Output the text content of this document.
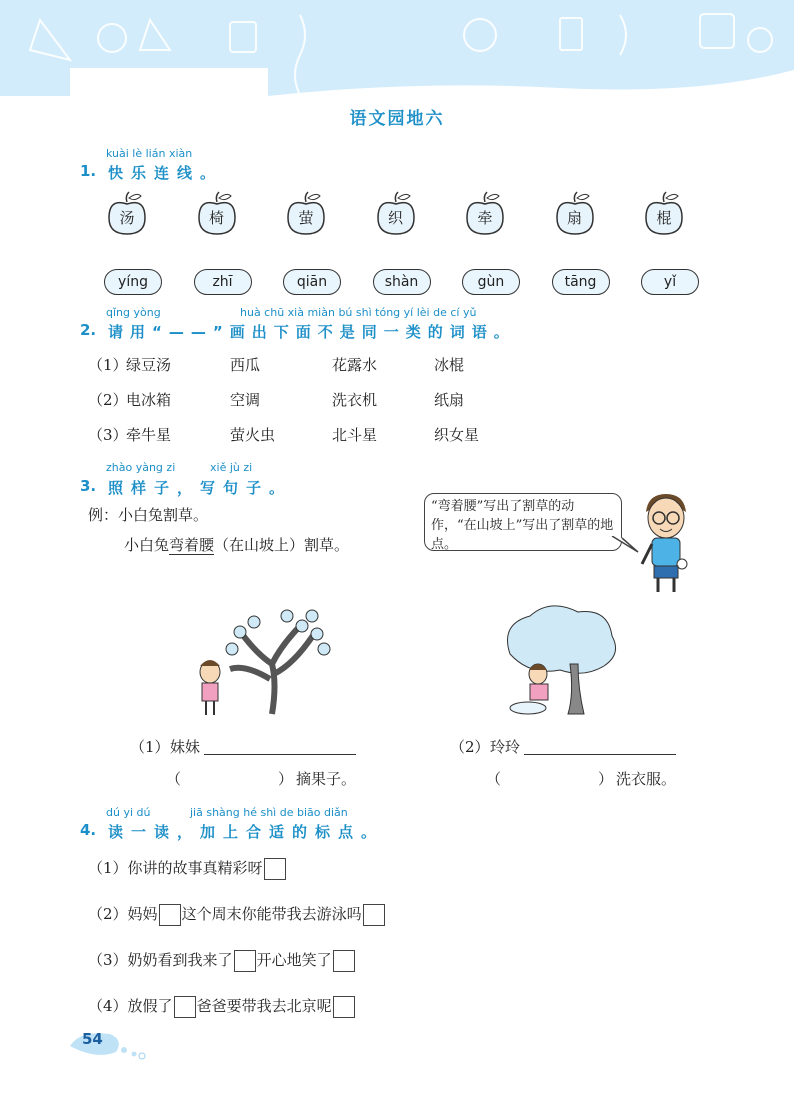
语文园地六
kuài lè lián xiàn
1. 快乐连线。
汤	椅	萤	织	牵	扇	棍
yíng	zhī	qiān	shàn	gùn	tāng	yǐ
qǐng yòng	huà chū xià miàn bú shì tóng yí lèi de cí yǔ
2. 请用“——”画出下面不是同一类的词语。
（1）
绿豆汤	西瓜	花露水	冰棍
（2）
电冰箱	空调	洗衣机	纸扇
（3）
牵牛星	萤火虫	北斗星	织女星
zhào yàng zi	xiě jù zi
3. 照样子，写句子。
例：小白兔割草。
小白兔弯着腰（在山坡上）割草。
“弯着腰”写出了割草的动作，“在山坡上”写出了割草的地点。
（1） 妹妹
（	） 摘果子。
（2） 玲玲
（	） 洗衣服。
dú yi dú	jiā shàng hé shì de biāo diǎn
4. 读一读，加上合适的标点。
（1）你讲的故事真精彩呀
（2）妈妈 这个周末你能带我去游泳吗
（3）奶奶看到我来了 开心地笑了
（4）放假了 爸爸要带我去北京呢
54
